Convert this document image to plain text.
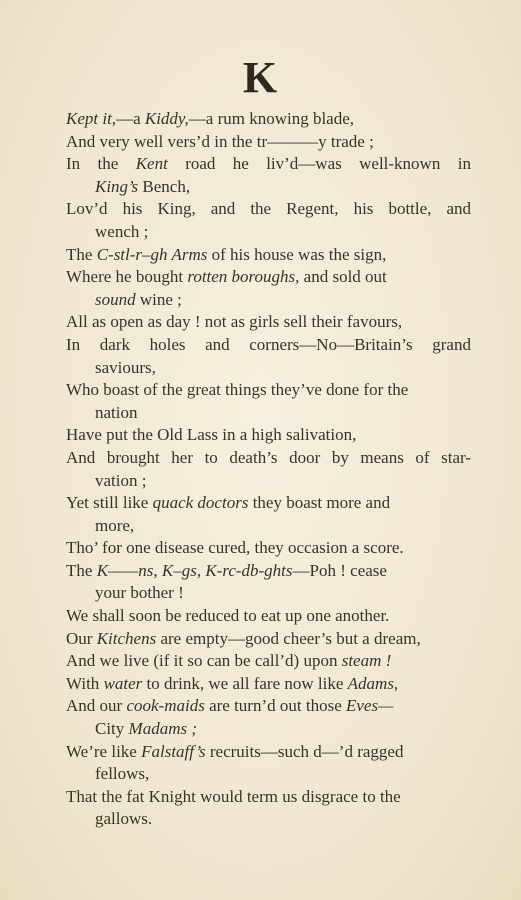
K
Kept it,—a Kiddy,—a rum knowing blade,
And very well vers’d in the tr———y trade ;
In the Kent road he liv’d—was well-known in
King’s Bench,
Lov’d his King, and the Regent, his bottle, and
wench ;
The C-stl-r–gh Arms of his house was the sign,
Where he bought rotten boroughs, and sold out
sound wine ;
All as open as day ! not as girls sell their favours,
In dark holes and corners—No—Britain’s grand
saviours,
Who boast of the great things they’ve done for the
nation
Have put the Old Lass in a high salivation,
And brought her to death’s door by means of star-
vation ;
Yet still like quack doctors they boast more and
more,
Tho’ for one disease cured, they occasion a score.
The K——ns, K–gs, K-rc-db-ghts—Poh ! cease
your bother !
We shall soon be reduced to eat up one another.
Our Kitchens are empty—good cheer’s but a dream,
And we live (if it so can be call’d) upon steam !
With water to drink, we all fare now like Adams,
And our cook-maids are turn’d out those Eves—
City Madams ;
We’re like Falstaff’s recruits—such d—’d ragged
fellows,
That the fat Knight would term us disgrace to the
gallows.
